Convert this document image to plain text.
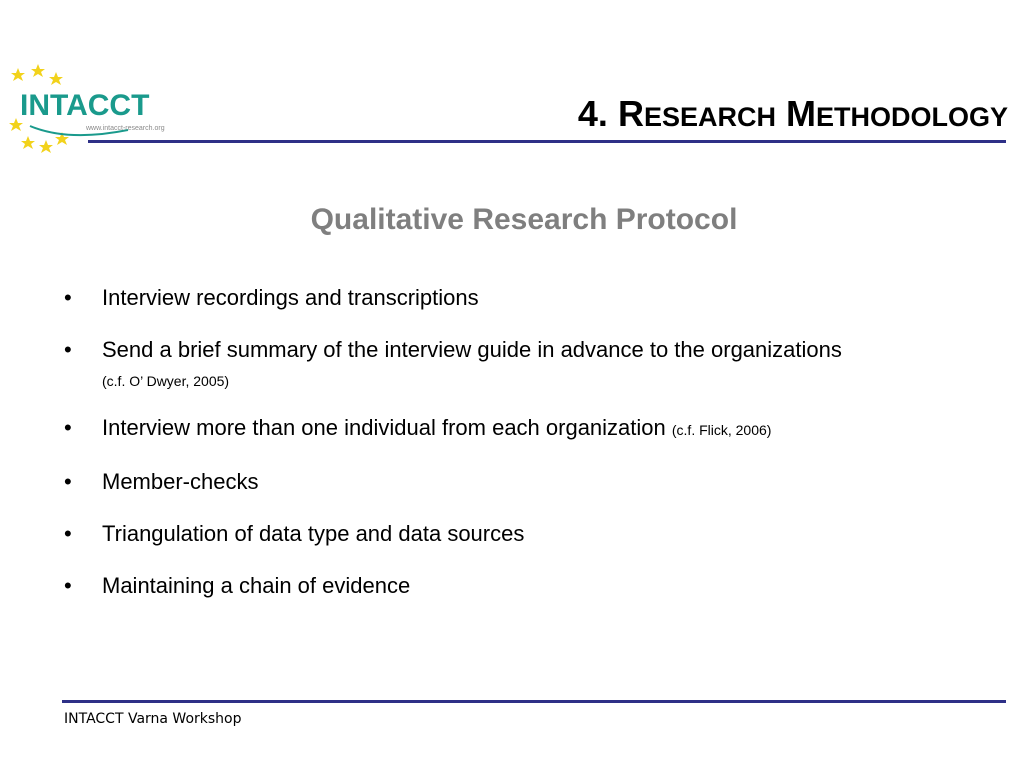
INTACCT
www.intacct-research.org	4. RESEARCH METHODOLOGY
Qualitative Research Protocol
•	Interview recordings and transcriptions
•	Send a brief summary of the interview guide in advance to the organizations
(c.f. O’ Dwyer, 2005)
•	Interview more than one individual from each organization (c.f. Flick, 2006)
•	Member-checks
•	Triangulation of data type and data sources
•	Maintaining a chain of evidence
INTACCT Varna Workshop
